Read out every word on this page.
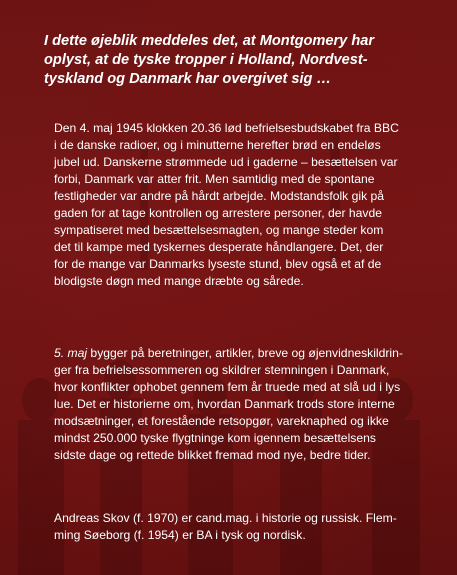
I dette øjeblik meddeles det, at Montgomery har
oplyst, at de tyske tropper i Holland, Nordvest-
tyskland og Danmark har overgivet sig …
Den 4. maj 1945 klokken 20.36 lød befrielsesbudskabet fra BBC
i de danske radioer, og i minutterne herefter brød en endeløs
jubel ud. Danskerne strømmede ud i gaderne – besættelsen var
forbi, Danmark var atter frit. Men samtidig med de spontane
festligheder var andre på hårdt arbejde. Modstandsfolk gik på
gaden for at tage kontrollen og arrestere personer, der havde
sympatiseret med besættelsesmagten, og mange steder kom
det til kampe med tyskernes desperate håndlangere. Det, der
for de mange var Danmarks lyseste stund, blev også et af de
blodigste døgn med mange dræbte og sårede.
5. maj bygger på beretninger, artikler, breve og øjenvidneskildrin-
ger fra befrielsessommeren og skildrer stemningen i Danmark,
hvor konflikter ophobet gennem fem år truede med at slå ud i lys
lue. Det er historierne om, hvordan Danmark trods store interne
modsætninger, et forestående retsopgør, vareknaphed og ikke
mindst 250.000 tyske flygtninge kom igennem besættelsens
sidste dage og rettede blikket fremad mod nye, bedre tider.
Andreas Skov (f. 1970) er cand.mag. i historie og russisk. Flem-
ming Søeborg (f. 1954) er BA i tysk og nordisk.
